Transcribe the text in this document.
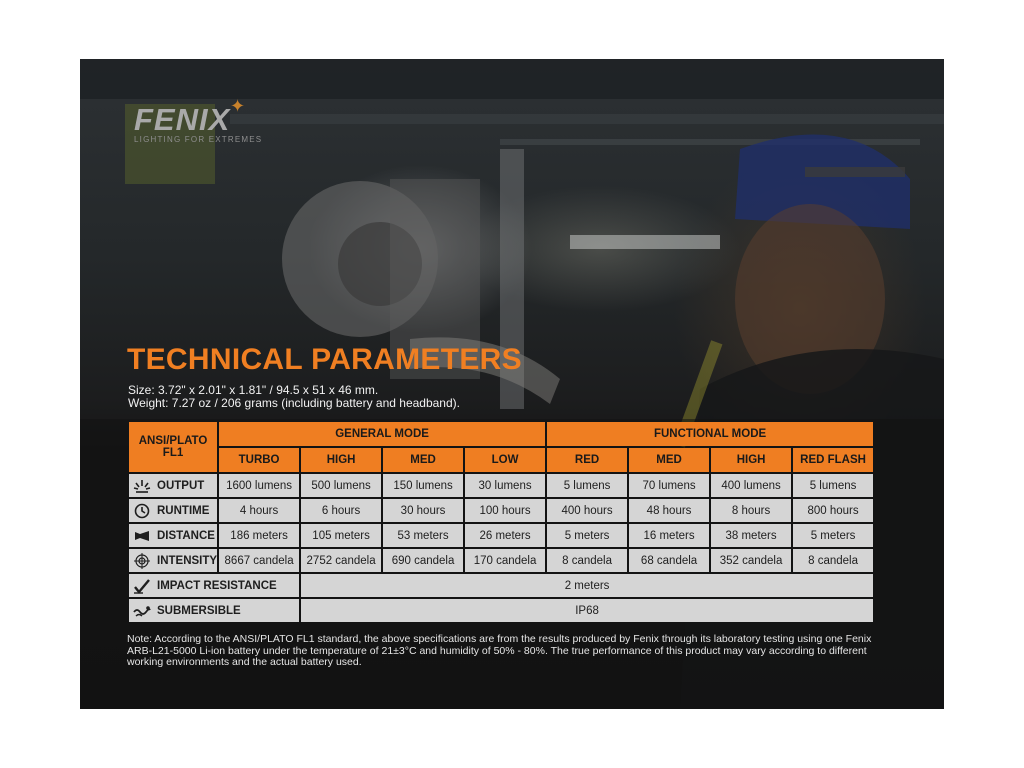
FENIX
LIGHTING FOR EXTREMES
✦
TECHNICAL PARAMETERS
Size: 3.72" x 2.01" x 1.81" / 94.5 x 51 x 46 mm.
Weight: 7.27 oz / 206 grams (including battery and headband).
ANSI/PLATO FL1	GENERAL MODE				FUNCTIONAL MODE			
	TURBO	HIGH	MED	LOW	RED	MED	HIGH	RED FLASH

OUTPUT	1600 lumens	500 lumens	150 lumens	30 lumens	5 lumens	70 lumens	400 lumens	5 lumens

RUNTIME	4 hours	6 hours	30 hours	100 hours	400 hours	48 hours	8 hours	800 hours

DISTANCE	186 meters	105 meters	53 meters	26 meters	5 meters	16 meters	38 meters	5 meters

INTENSITY	8667 candela	2752 candela	690 candela	170 candela	8 candela	68 candela	352 candela	8 candela

IMPACT RESISTANCE		2 meters						

SUBMERSIBLE		IP68						
Note: According to the ANSI/PLATO FL1 standard, the above specifications are from the results produced by Fenix through its laboratory testing using one Fenix ARB-L21-5000 Li-ion battery under the temperature of 21±3°C and humidity of 50% - 80%. The true performance of this product may vary according to different working environments and the actual battery used.
